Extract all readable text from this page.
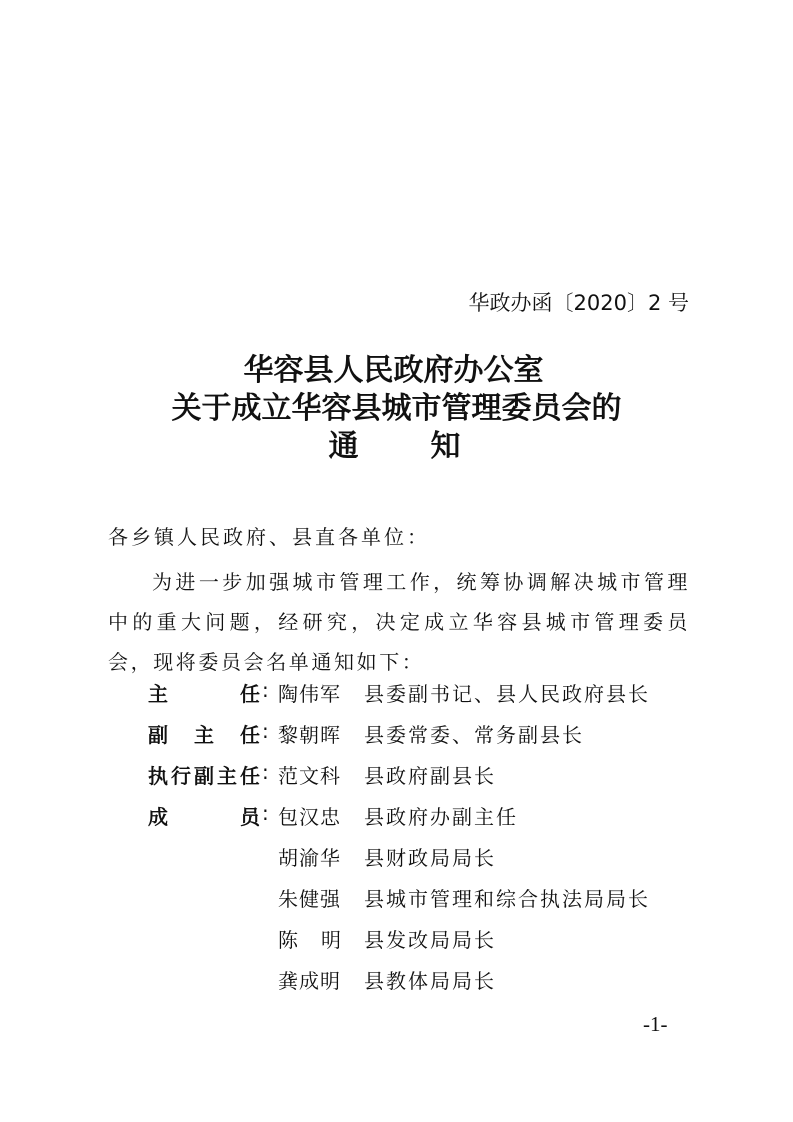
华政办函〔2020〕2 号
华容县人民政府办公室
关于成立华容县城市管理委员会的
通 知
各乡镇人民政府、县直各单位：
为进一步加强城市管理工作，统筹协调解决城市管理中的重大问题，经研究，决定成立华容县城市管理委员会，现将委员会名单通知如下：
主	任 : 陶伟军 县委副书记、县人民政府县长
副 主 任 : 黎朝晖 县委常委、常务副县长
执 行 副 主 任 : 范文科 县政府副县长
成	员 : 包汉忠 县政府办副主任
胡渝华 县财政局局长
朱健强 县城市管理和综合执法局局长
陈 明 县发改局局长
龚成明 县教体局局长
-1-
